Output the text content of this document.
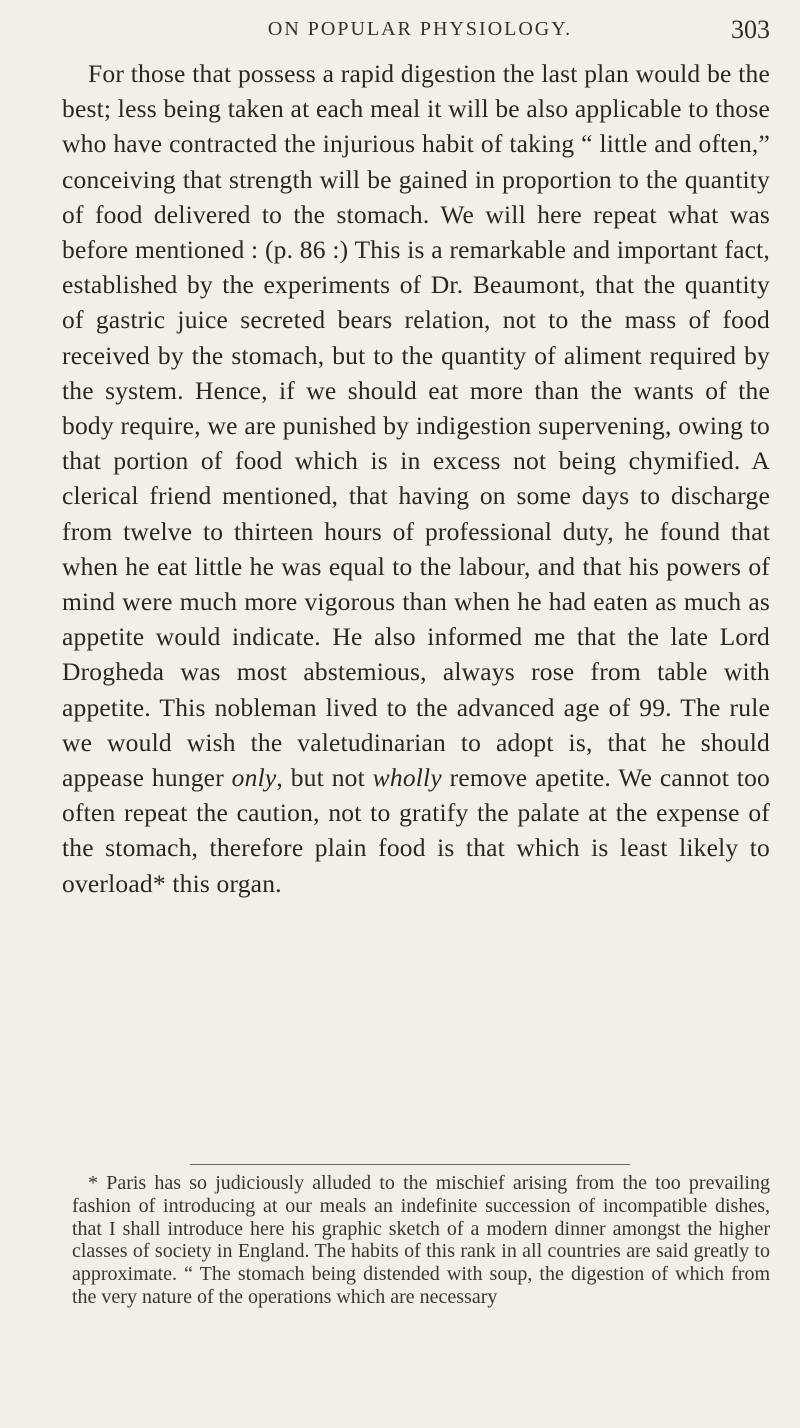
ON POPULAR PHYSIOLOGY.	303

For those that possess a rapid digestion the last plan would be the best; less being taken at each meal it will be also applicable to those who have contracted the injurious habit of taking “ little and often,” conceiving that strength will be gained in proportion to the quantity of food delivered to the stomach. We will here repeat what was before mentioned : (p. 86 :) This is a remarkable and important fact, established by the experiments of Dr. Beaumont, that the quantity of gastric juice secreted bears relation, not to the mass of food received by the stomach, but to the quantity of aliment required by the system. Hence, if we should eat more than the wants of the body require, we are punished by indigestion supervening, owing to that portion of food which is in excess not being chymified. A clerical friend mentioned, that having on some days to discharge from twelve to thirteen hours of professional duty, he found that when he eat little he was equal to the labour, and that his powers of mind were much more vigorous than when he had eaten as much as appetite would indicate. He also informed me that the late Lord Drogheda was most abstemious, always rose from table with appetite. This nobleman lived to the advanced age of 99. The rule we would wish the valetudinarian to adopt is, that he should appease hunger only, but not wholly remove apetite. We cannot too often repeat the caution, not to gratify the palate at the expense of the stomach, therefore plain food is that which is least likely to overload* this organ.

* Paris has so judiciously alluded to the mischief arising from the too prevailing fashion of introducing at our meals an indefinite succession of incompatible dishes, that I shall introduce here his graphic sketch of a modern dinner amongst the higher classes of society in England. The habits of this rank in all countries are said greatly to approximate. “ The stomach being distended with soup, the digestion of which from the very nature of the operations which are necessary
